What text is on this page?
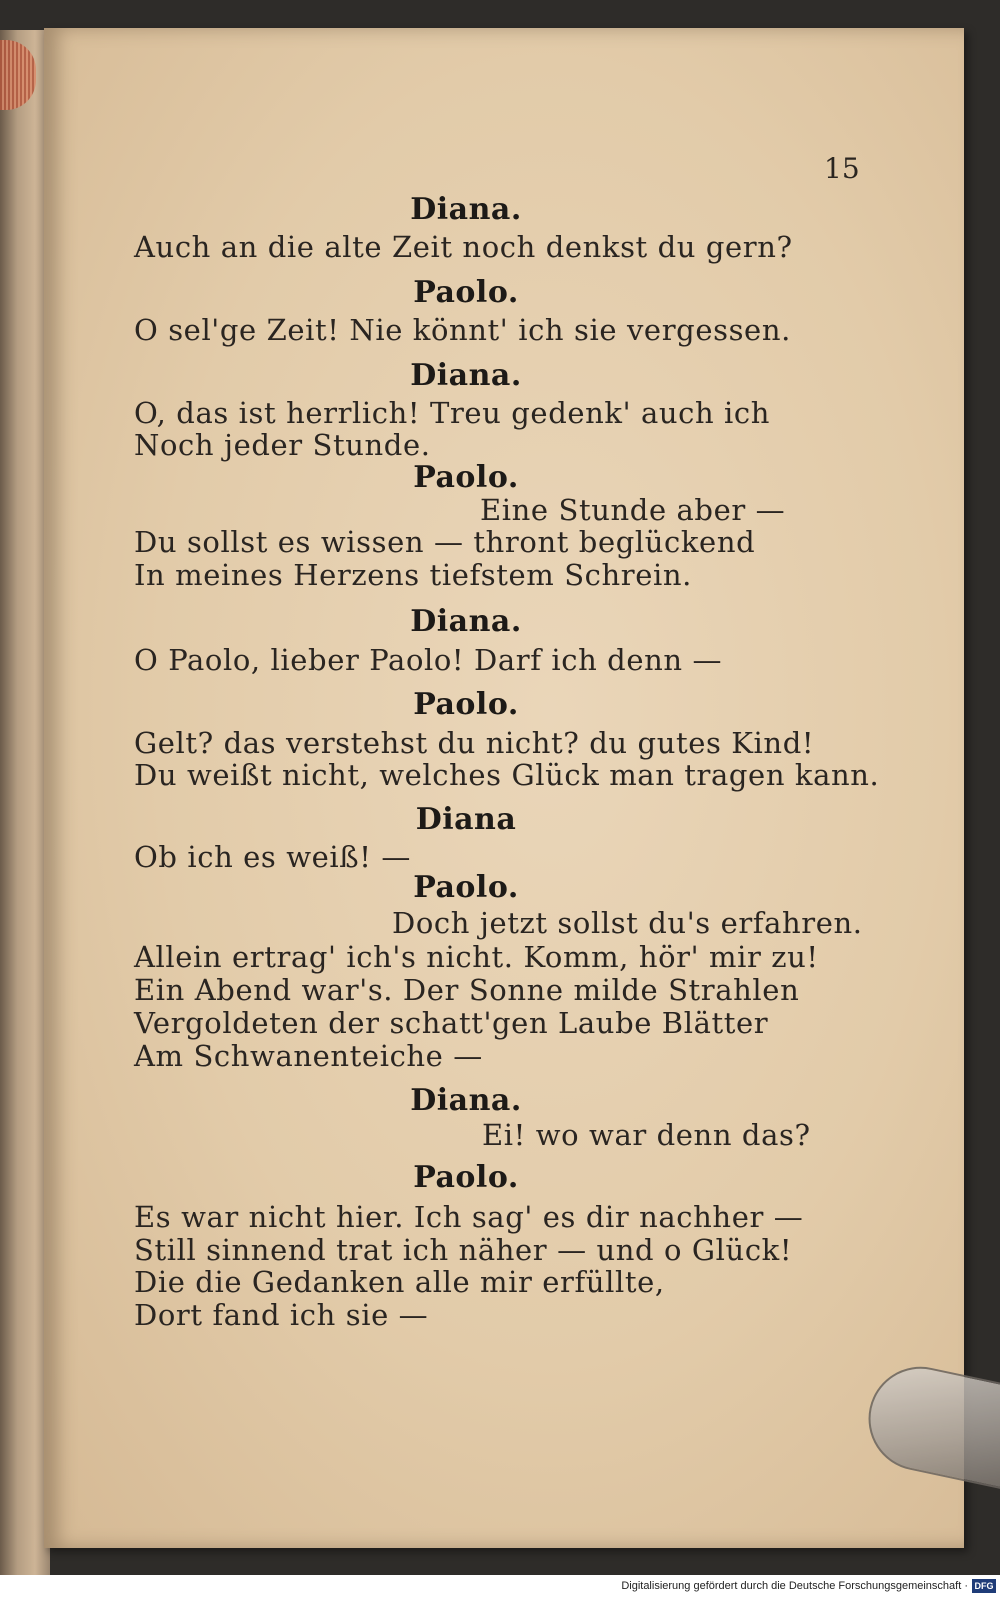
15
Diana.
Auch an die alte Zeit noch denkst du gern?
Paolo.
O sel'ge Zeit! Nie könnt' ich sie vergessen.
Diana.
O, das ist herrlich! Treu gedenk' auch ich
Noch jeder Stunde.
Paolo.
Eine Stunde aber —
Du sollst es wissen — thront beglückend
In meines Herzens tiefstem Schrein.
Diana.
O Paolo, lieber Paolo! Darf ich denn —
Paolo.
Gelt? das verstehst du nicht? du gutes Kind!
Du weißt nicht, welches Glück man tragen kann.
Diana
Ob ich es weiß! —
Paolo.
Doch jetzt sollst du's erfahren.
Allein ertrag' ich's nicht. Komm, hör' mir zu!
Ein Abend war's. Der Sonne milde Strahlen
Vergoldeten der schatt'gen Laube Blätter
Am Schwanenteiche —
Diana.
Ei! wo war denn das?
Paolo.
Es war nicht hier. Ich sag' es dir nachher —
Still sinnend trat ich näher — und o Glück!
Die die Gedanken alle mir erfüllte,
Dort fand ich sie —
Digitalisierung gefördert durch die Deutsche Forschungsgemeinschaft · DFG
